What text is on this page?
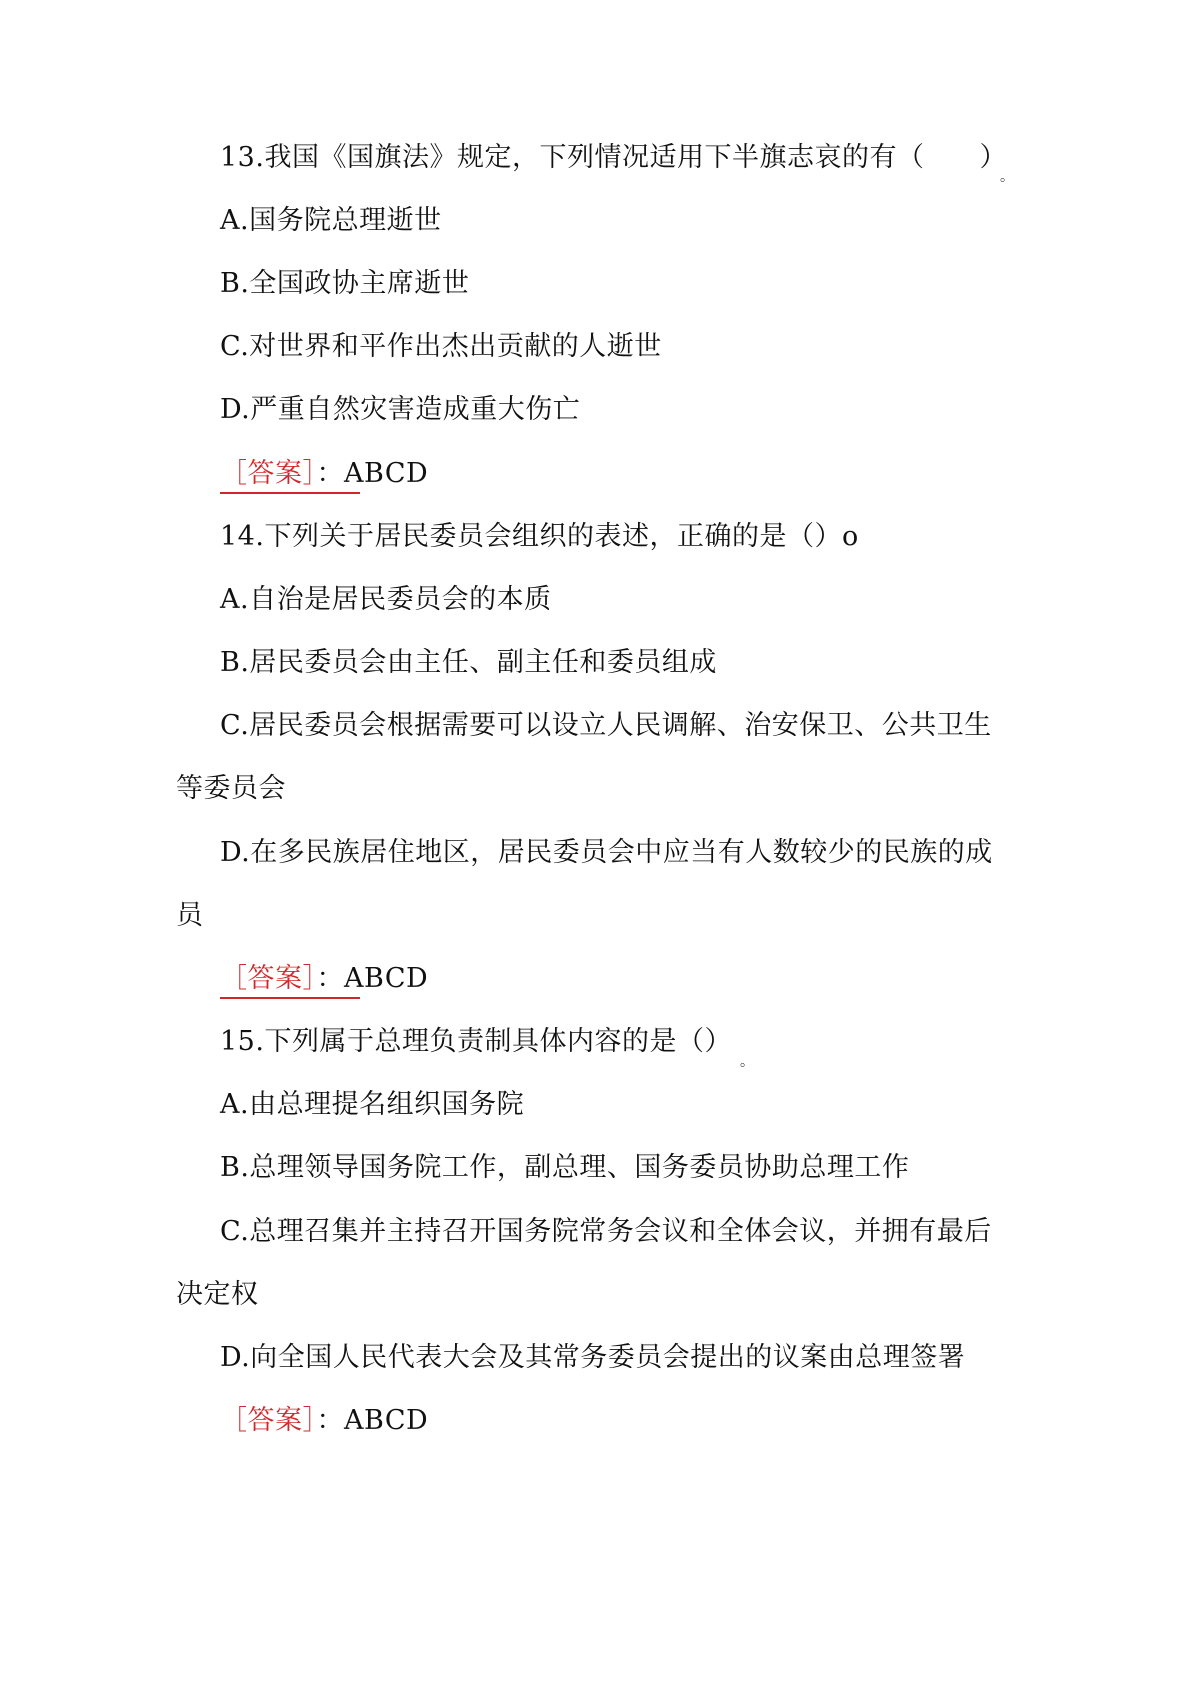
13.我国《国旗法》规定，下列情况适用下半旗志哀的有（　　）
。
A.国务院总理逝世
B.全国政协主席逝世
C.对世界和平作出杰出贡献的人逝世
D.严重自然灾害造成重大伤亡
［答案］：ABCD
14.下列关于居民委员会组织的表述，正确的是（）o
A.自治是居民委员会的本质
B.居民委员会由主任、副主任和委员组成
C.居民委员会根据需要可以设立人民调解、治安保卫、公共卫生
等委员会
D.在多民族居住地区，居民委员会中应当有人数较少的民族的成
员
［答案］：ABCD
15.下列属于总理负责制具体内容的是（）
。
A.由总理提名组织国务院
B.总理领导国务院工作，副总理、国务委员协助总理工作
C.总理召集并主持召开国务院常务会议和全体会议，并拥有最后
决定权
D.向全国人民代表大会及其常务委员会提出的议案由总理签署
［答案］：ABCD
